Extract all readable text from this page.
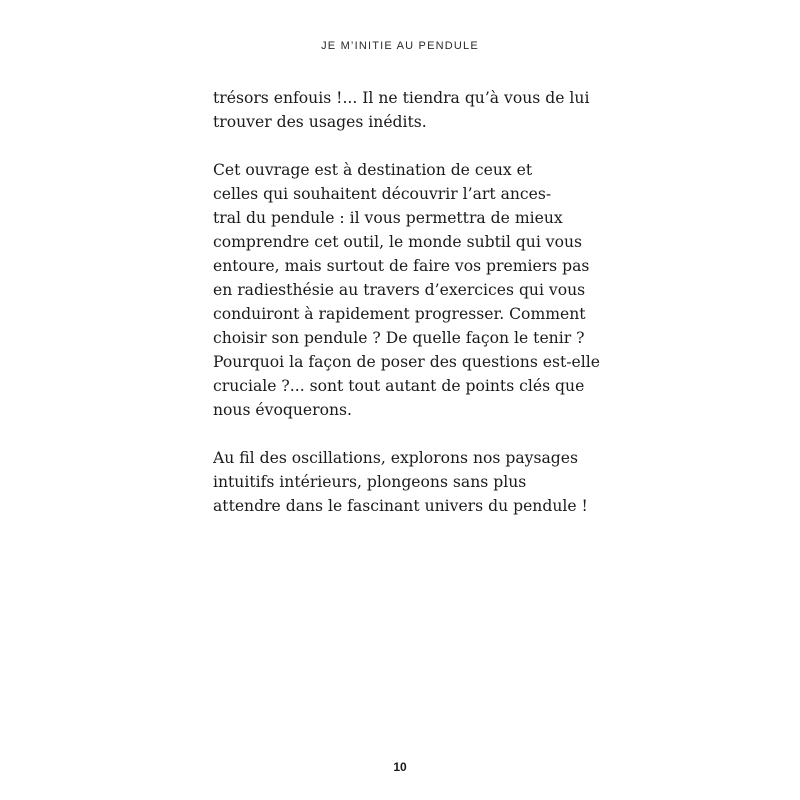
JE M’INITIE AU PENDULE

trésors enfouis !... Il ne tiendra qu’à vous de lui
trouver des usages inédits.

Cet ouvrage est à destination de ceux et
celles qui souhaitent découvrir l’art ances-
tral du pendule : il vous permettra de mieux
comprendre cet outil, le monde subtil qui vous
entoure, mais surtout de faire vos premiers pas
en radiesthésie au travers d’exercices qui vous
conduiront à rapidement progresser. Comment
choisir son pendule ? De quelle façon le tenir ?
Pourquoi la façon de poser des questions est-elle
cruciale ?... sont tout autant de points clés que
nous évoquerons.

Au fil des oscillations, explorons nos paysages
intuitifs intérieurs, plongeons sans plus
attendre dans le fascinant univers du pendule !

10
